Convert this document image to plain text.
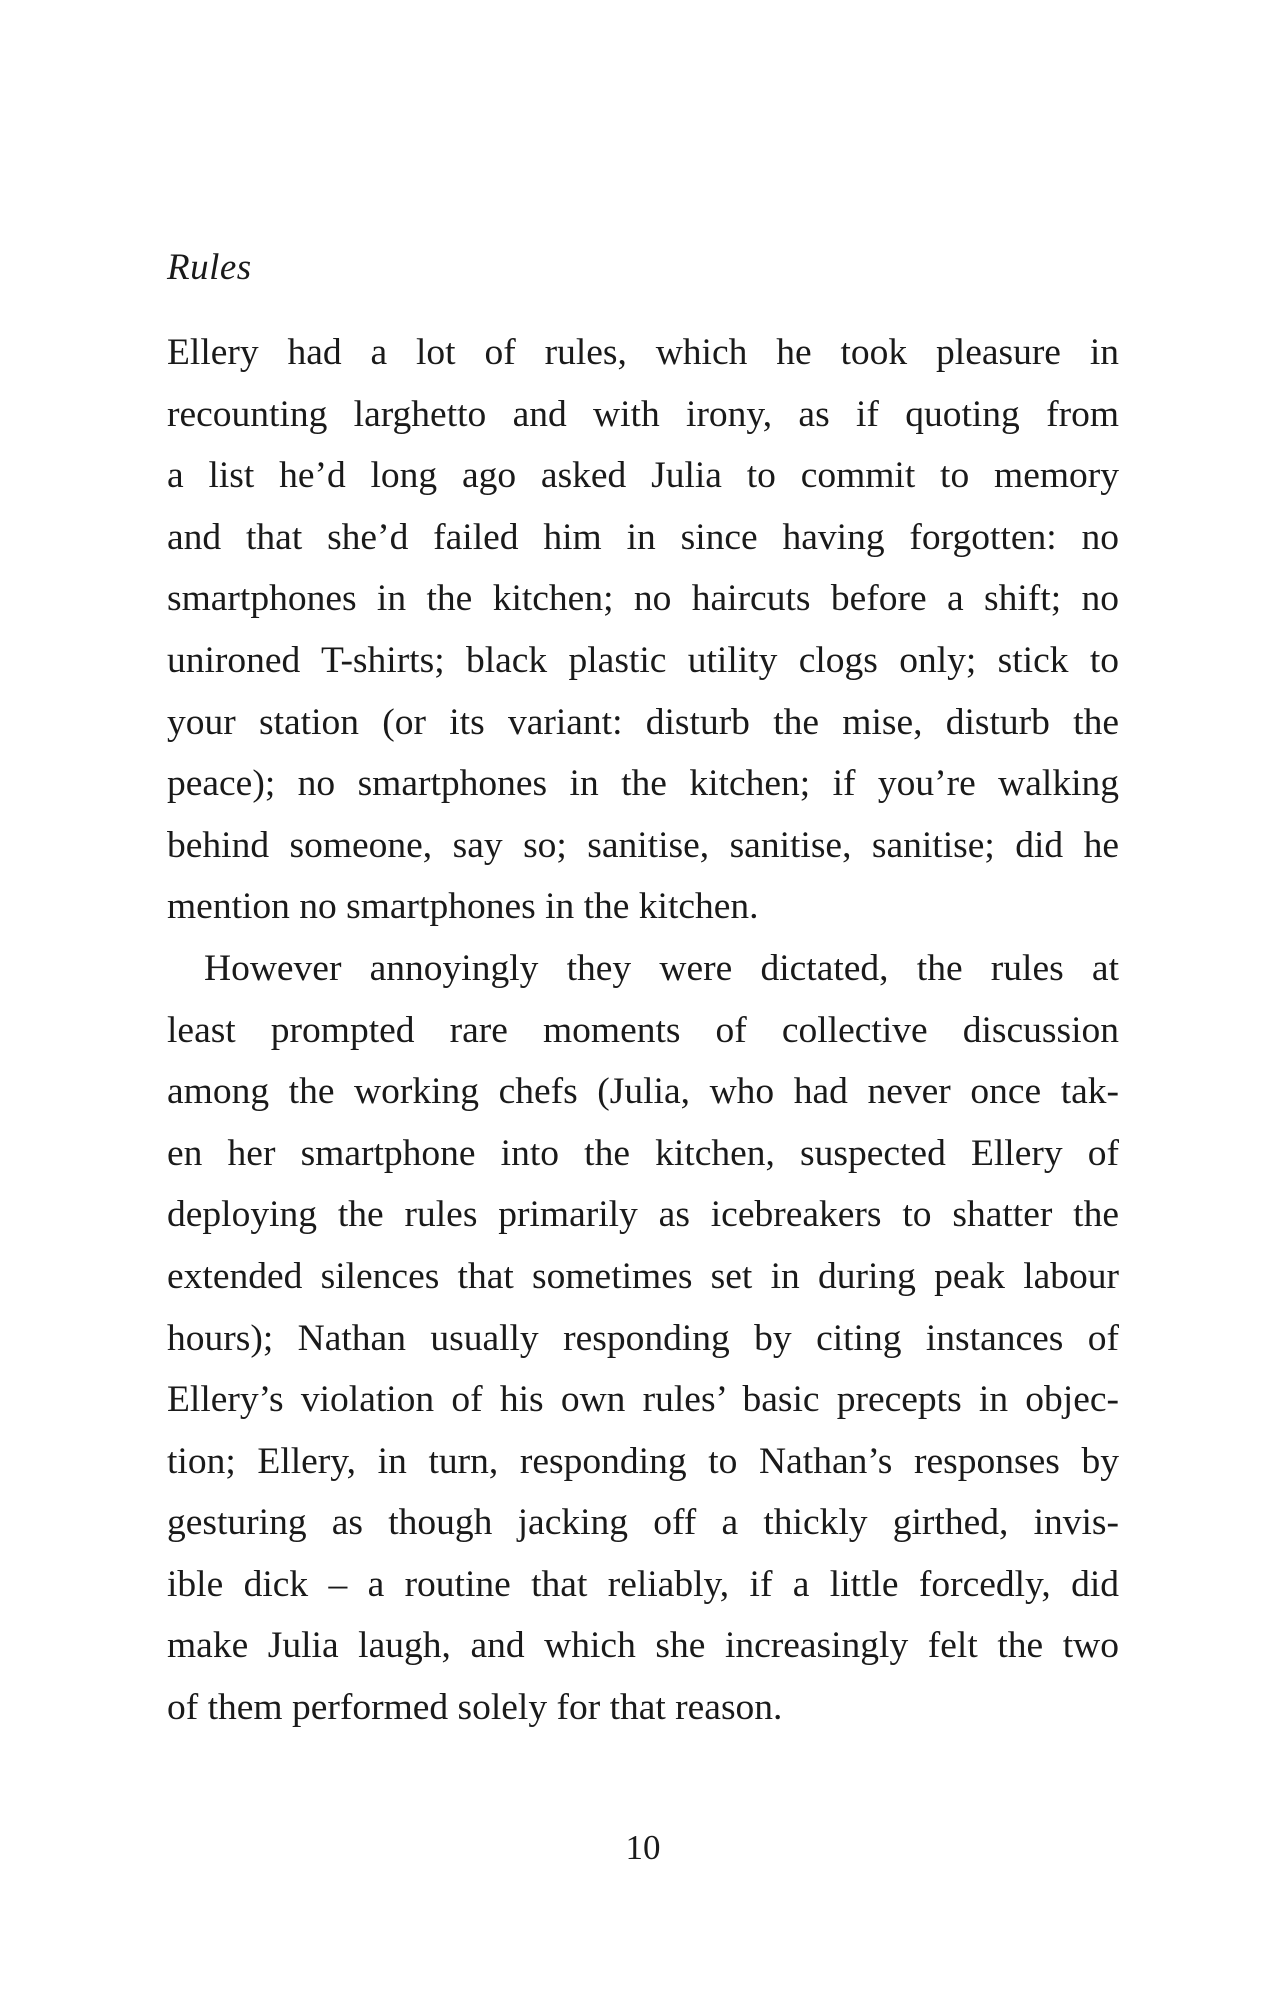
Rules
Ellery had a lot of rules, which he took pleasure in
recounting larghetto and with irony, as if quoting from
a list he’d long ago asked Julia to commit to memory
and that she’d failed him in since having forgotten: no
smartphones in the kitchen; no haircuts before a shift; no
unironed T-shirts; black plastic utility clogs only; stick to
your station (or its variant: disturb the mise, disturb the
peace); no smartphones in the kitchen; if you’re walking
behind someone, say so; sanitise, sanitise, sanitise; did he
mention no smartphones in the kitchen.
However annoyingly they were dictated, the rules at
least prompted rare moments of collective discussion
among the working chefs (Julia, who had never once tak-
en her smartphone into the kitchen, suspected Ellery of
deploying the rules primarily as icebreakers to shatter the
extended silences that sometimes set in during peak labour
hours); Nathan usually responding by citing instances of
Ellery’s violation of his own rules’ basic precepts in objec-
tion; Ellery, in turn, responding to Nathan’s responses by
gesturing as though jacking off a thickly girthed, invis-
ible dick – a routine that reliably, if a little forcedly, did
make Julia laugh, and which she increasingly felt the two
of them performed solely for that reason.
10
